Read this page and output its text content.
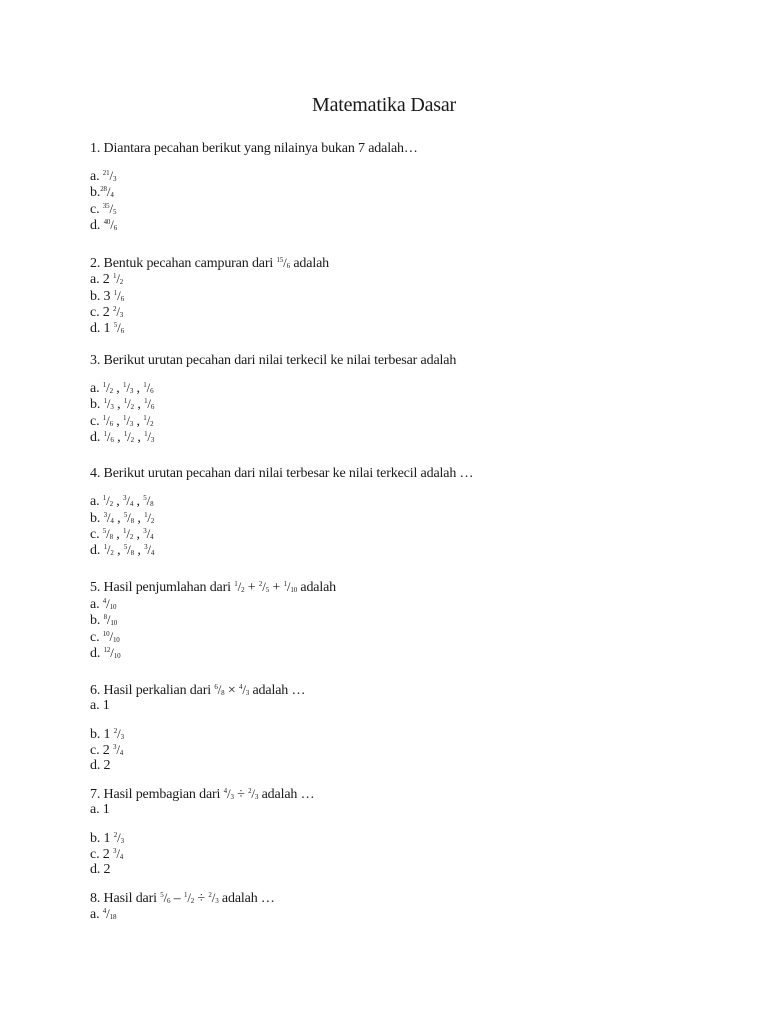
Matematika Dasar
1. Diantara pecahan berikut yang nilainya bukan 7 adalah…
a. $^{21}/_3$
$b.^{28}/_4$
c. $^{35}/_5$
d. $^{40}/_6$
2. Bentuk pecahan campuran dari $^{15}/_6$ adalah
a. 2 $^1/_2$
b. 3 $^1/_6$
c. 2 $^2/_3$
d. 1 $^5/_6$
3. Berikut urutan pecahan dari nilai terkecil ke nilai terbesar adalah
a. $^1/_2$ , $^1/_3$ , $^1/_6$
b. $^1/_3$ , $^1/_2$ , $^1/_6$
c. $^1/_6$ , $^1/_3$ , $^1/_2$
d. $^1/_6$ , $^1/_2$ , $^1/_3$
4. Berikut urutan pecahan dari nilai terbesar ke nilai terkecil adalah …
a. $^1/_2$ , $^3/_4$ , $^5/_8$
b. $^3/_4$ , $^5/_8$ , $^1/_2$
c. $^5/_8$ , $^1/_2$ , $^3/_4$
d. $^1/_2$ , $^5/_8$ , $^3/_4$
5. Hasil penjumlahan dari $^1/_2 + ^2/_5 + ^1/_{10}$ adalah
a. $^4/_{10}$
b. $^8/_{10}$
c. $^{10}/_{10}$
d. $^{12}/_{10}$
6. Hasil perkalian dari $^6/_8 \times ^4/_3$ adalah …
a. 1
b. 1 $^2/_3$
c. 2 $^3/_4$
d. 2
7. Hasil pembagian dari $^4/_3 \div ^2/_3$ adalah …
a. 1
b. 1 $^2/_3$
c. 2 $^3/_4$
d. 2
8. Hasil dari $^5/_6 - ^1/_2 \div ^2/_3$ adalah …
a. $^4/_{18}$
